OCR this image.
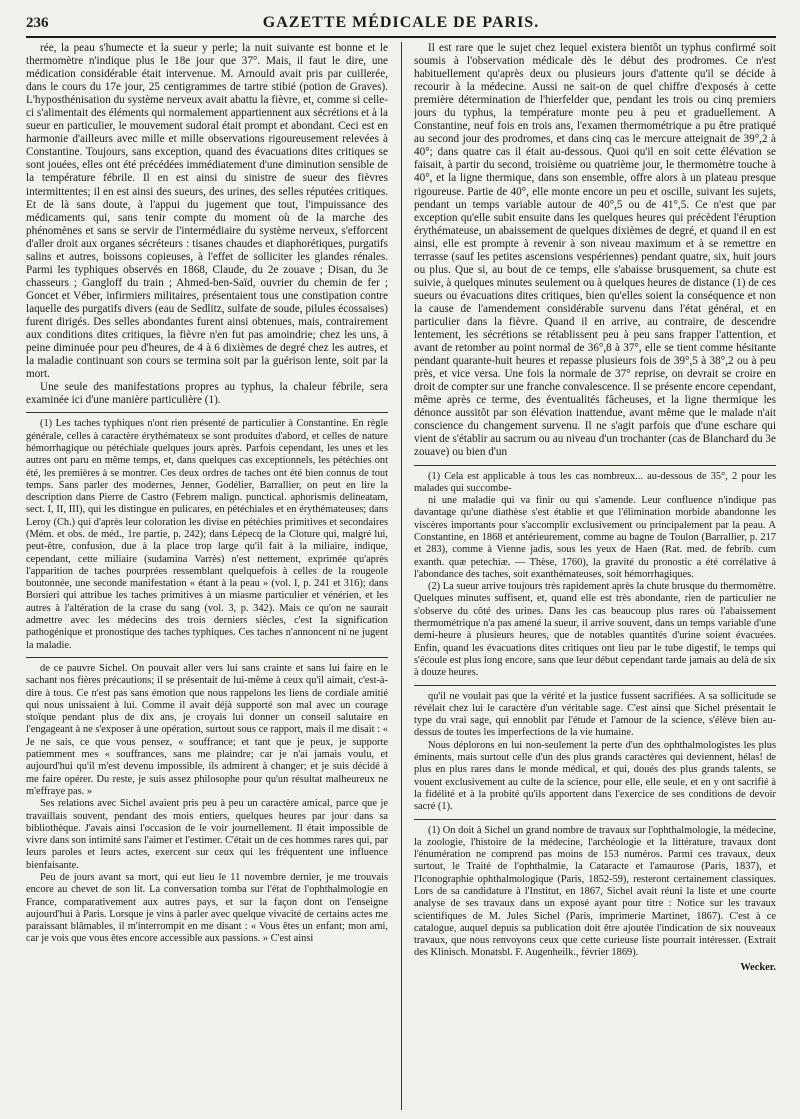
236	GAZETTE MÉDICALE DE PARIS.

rée, la peau s'humecte et la sueur y perle; la nuit suivante est bonne et le thermomètre n'indique plus le 18e jour que 37°. Mais, il faut le dire, une médication considérable était intervenue. M. Arnould avait pris par cuillerée, dans le cours du 17e jour, 25 centigrammes de tartre stibié (potion de Graves). L'hyposthénisation du système nerveux avait abattu la fièvre, et, comme si celle-ci s'alimentait des éléments qui normalement appartiennent aux sécrétions et à la sueur en particulier, le mouvement sudoral était prompt et abondant. Ceci est en harmonie d'ailleurs avec mille et mille observations rigoureusement relevées à Constantine. Toujours, sans exception, quand des évacuations dites critiques se sont jouées, elles ont été précédées immédiatement d'une diminution sensible de la température fébrile. Il en est ainsi du sinistre de sueur des fièvres intermittentes; il en est ainsi des sueurs, des urines, des selles réputées critiques. Et de là sans doute, à l'appui du jugement que tout, l'impuissance des médicaments qui, sans tenir compte du moment où de la marche des phénomènes et sans se servir de l'intermédiaire du système nerveux, s'efforcent d'aller droit aux organes sécréteurs : tisanes chaudes et diaphorétiques, purgatifs salins et autres, boissons copieuses, à l'effet de solliciter les glandes rénales. Parmi les typhiques observés en 1868, Claude, du 2e zouave ; Disan, du 3e chasseurs ; Gangloff du train ; Ahmed-ben-Saïd, ouvrier du chemin de fer ; Goncet et Véber, infirmiers militaires, présentaient tous une constipation contre laquelle des purgatifs divers (eau de Sedlitz, sulfate de soude, pilules écossaises) furent dirigés. Des selles abondantes furent ainsi obtenues, mais, contrairement aux conditions dites critiques, la fièvre n'en fut pas amoindrie; chez les uns, à peine diminuée pour peu d'heures, de 4 à 6 dixièmes de degré chez les autres, et la maladie continuant son cours se termina soit par la guérison lente, soit par la mort.

Une seule des manifestations propres au typhus, la chaleur fébrile, sera examinée ici d'une manière particulière (1).

(1) Les taches typhiques n'ont rien présenté de particulier à Constantine. En règle générale, celles à caractère érythémateux se sont produites d'abord, et celles de nature hémorrhagique ou pétéchiale quelques jours après. Parfois cependant, les unes et les autres ont paru en même temps, et, dans quelques cas exceptionnels, les pétéchies ont été, les premières à se montrer. Ces deux ordres de taches ont été bien connus de tout temps. Sans parler des modernes, Jenner, Godélier, Barrallier, on peut en lire la description dans Pierre de Castro (Febrem malign. punctical. aphorismis delineatam, sect. I, II, III), qui les distingue en pulicares, en pétéchiales et en érythémateuses; dans Leroy (Ch.) qui d'après leur coloration les divise en pétéchies primitives et secondaires (Mém. et obs. de méd., 1re partie, p. 242); dans Lépecq de la Cloture qui, malgré lui, peut-être, confusion, due à la place trop large qu'il fait à la miliaire, indique, cependant, cette miliaire (sudamina Varrès) n'est nettement, exprimée qu'après l'apparition de taches pourprées ressemblant quelquefois à celles de la rougeole boutonnée, une seconde manifestation « étant à la peau » (vol. I, p. 241 et 316); dans Borsieri qui attribue les taches primitives à un miasme particulier et vénérien, et les autres à l'altération de la crase du sang (vol. 3, p. 342). Mais ce qu'on ne saurait admettre avec les médecins des trois derniers siècles, c'est la signification pathogénique et pronostique des taches typhiques. Ces taches n'annoncent ni ne jugent la maladie.

de ce pauvre Sichel. On pouvait aller vers lui sans crainte et sans lui faire en le sachant nos fières précautions; il se présentait de lui-même à ceux qu'il aimait, c'est-à-dire à tous. Ce n'est pas sans émotion que nous rappelons les liens de cordiale amitié qui nous unissaient à lui. Comme il avait déjà supporté son mal avec un courage stoïque pendant plus de dix ans, je croyais lui donner un conseil salutaire en l'engageant à ne s'exposer à une opération, surtout sous ce rapport, mais il me disait : « Je ne sais, ce que vous pensez, « souffrance; et tant que je peux, je supporte patiemment mes « souffrances, sans me plaindre; car je n'ai jamais voulu, et aujourd'hui qu'il m'est devenu impossible, ils admirent à changer; et je suis décidé à me faire opérer. Du reste, je suis assez philosophe pour qu'un résultat malheureux ne m'effraye pas. »

Ses relations avec Sichel avaient pris peu à peu un caractère amical, parce que je travaillais souvent, pendant des mois entiers, quelques heures par jour dans sa bibliothèque. J'avais ainsi l'occasion de le voir journellement. Il était impossible de vivre dans son intimité sans l'aimer et l'estimer. C'était un de ces hommes rares qui, par leurs paroles et leurs actes, exercent sur ceux qui les fréquentent une influence bienfaisante.

Peu de jours avant sa mort, qui eut lieu le 11 novembre dernier, je me trouvais encore au chevet de son lit. La conversation tomba sur l'état de l'ophthalmologie en France, comparativement aux autres pays, et sur la façon dont on l'enseigne aujourd'hui à Paris. Lorsque je vins à parler avec quelque vivacité de certains actes me paraissant blâmables, il m'interrompit en me disant : « Vous êtes un enfant; mon ami, car je vois que vous êtes encore accessible aux passions. » C'est ainsi

Il est rare que le sujet chez lequel existera bientôt un typhus confirmé soit soumis à l'observation médicale dès le début des prodromes. Ce n'est habituellement qu'après deux ou plusieurs jours d'attente qu'il se décide à recourir à la médecine. Aussi ne sait-on de quel chiffre d'exposés à cette première détermination de l'hierfelder que, pendant les trois ou cinq premiers jours du typhus, la température monte peu à peu et graduellement. A Constantine, neuf fois en trois ans, l'examen thermométrique a pu être pratiqué au second jour des prodromes, et dans cinq cas le mercure atteignait de 39°,2 à 40°; dans quatre cas il était au-dessous. Quoi qu'il en soit cette élévation se faisait, à partir du second, troisième ou quatrième jour, le thermomètre touche à 40°, et la ligne thermique, dans son ensemble, offre alors à un plateau presque rigoureuse. Partie de 40°, elle monte encore un peu et oscille, suivant les sujets, pendant un temps variable autour de 40°,5 ou de 41°,5. Ce n'est que par exception qu'elle subit ensuite dans les quelques heures qui précèdent l'éruption érythémateuse, un abaissement de quelques dixièmes de degré, et quand il en est ainsi, elle est prompte à revenir à son niveau maximum et à se remettre en terrasse (sauf les petites ascensions vespériennes) pendant quatre, six, huit jours ou plus. Que si, au bout de ce temps, elle s'abaisse brusquement, sa chute est suivie, à quelques minutes seulement ou à quelques heures de distance (1) de ces sueurs ou évacuations dites critiques, bien qu'elles soient la conséquence et non la cause de l'amendement considérable survenu dans l'état général, et en particulier dans la fièvre. Quand il en arrive, au contraire, de descendre lentement, les sécrétions se rétablissent peu à peu sans frapper l'attention, et avant de retomber au point normal de 36°,8 à 37°, elle se tient comme hésitante pendant quarante-huit heures et repasse plusieurs fois de 39°,5 à 38°,2 ou à peu près, et vice versa. Une fois la normale de 37° reprise, on devrait se croire en droit de compter sur une franche convalescence. Il se présente encore cependant, même après ce terme, des éventualités fâcheuses, et la ligne thermique les dénonce aussitôt par son élévation inattendue, avant même que le malade n'ait conscience du changement survenu. Il ne s'agit parfois que d'une eschare qui vient de s'établir au sacrum ou au niveau d'un trochanter (cas de Blanchard du 3e zouave) ou bien d'un

(1) Cela est applicable à tous les cas nombreux... au-dessous de 35°, 2 pour les malades qui succombe-

ni une maladie qui va finir ou qui s'amende. Leur confluence n'indique pas davantage qu'une diathèse s'est établie et que l'élimination morbide abandonne les viscères importants pour s'accomplir exclusivement ou principalement par la peau. A Constantine, en 1868 et antérieurement, comme au bagne de Toulon (Barrallier, p. 217 et 283), comme à Vienne jadis, sous les yeux de Haen (Rat. med. de febrib. cum exanth. quæ petechiæ. — Thèse, 1760), la gravité du pronostic a été corrélative à l'abondance des taches, soit exanthémateuses, soit hémorrhagiques.

(2) La sueur arrive toujours très rapidement après la chute brusque du thermomètre. Quelques minutes suffisent, et, quand elle est très abondante, rien de particulier ne s'observe du côté des urines. Dans les cas beaucoup plus rares où l'abaissement thermométrique n'a pas amené la sueur, il arrive souvent, dans un temps variable d'une demi-heure à plusieurs heures, que de notables quantités d'urine soient évacuées. Enfin, quand les évacuations dites critiques ont lieu par le tube digestif, le temps qui s'écoule est plus long encore, sans que leur début cependant tarde jamais au delà de six à douze heures.

qu'il ne voulait pas que la vérité et la justice fussent sacrifiées. A sa sollicitude se révélait chez lui le caractère d'un véritable sage. C'est ainsi que Sichel présentait le type du vrai sage, qui ennoblit par l'étude et l'amour de la science, s'élève bien au-dessus de toutes les imperfections de la vie humaine.

Nous déplorons en lui non-seulement la perte d'un des ophthalmologistes les plus éminents, mais surtout celle d'un des plus grands caractères qui deviennent, hélas! de plus en plus rares dans le monde médical, et qui, doués des plus grands talents, se vouent exclusivement au culte de la science, pour elle, elle seule, et en y ont sacrifié à la fidélité et à la probité qu'ils apportent dans l'exercice de ses conditions de devoir sacré (1).

(1) On doit à Sichel un grand nombre de travaux sur l'ophthalmologie, la médecine, la zoologie, l'histoire de la médecine, l'archéologie et la littérature, travaux dont l'énumération ne comprend pas moins de 153 numéros. Parmi ces travaux, deux surtout, le Traité de l'ophthalmie, la Cataracte et l'amaurose (Paris, 1837), et l'Iconographie ophthalmologique (Paris, 1852-59), resteront certainement classiques. Lors de sa candidature à l'Institut, en 1867, Sichel avait réuni la liste et une courte analyse de ses travaux dans un exposé ayant pour titre : Notice sur les travaux scientifiques de M. Jules Sichel (Paris, imprimerie Martinet, 1867). C'est à ce catalogue, auquel depuis sa publication doit être ajoutée l'indication de six nouveaux travaux, que nous renvoyons ceux que cette curieuse liste pourrait intéresser. (Extrait des Klinisch. Monatsbl. F. Augenheilk., février 1869).

Wecker.
